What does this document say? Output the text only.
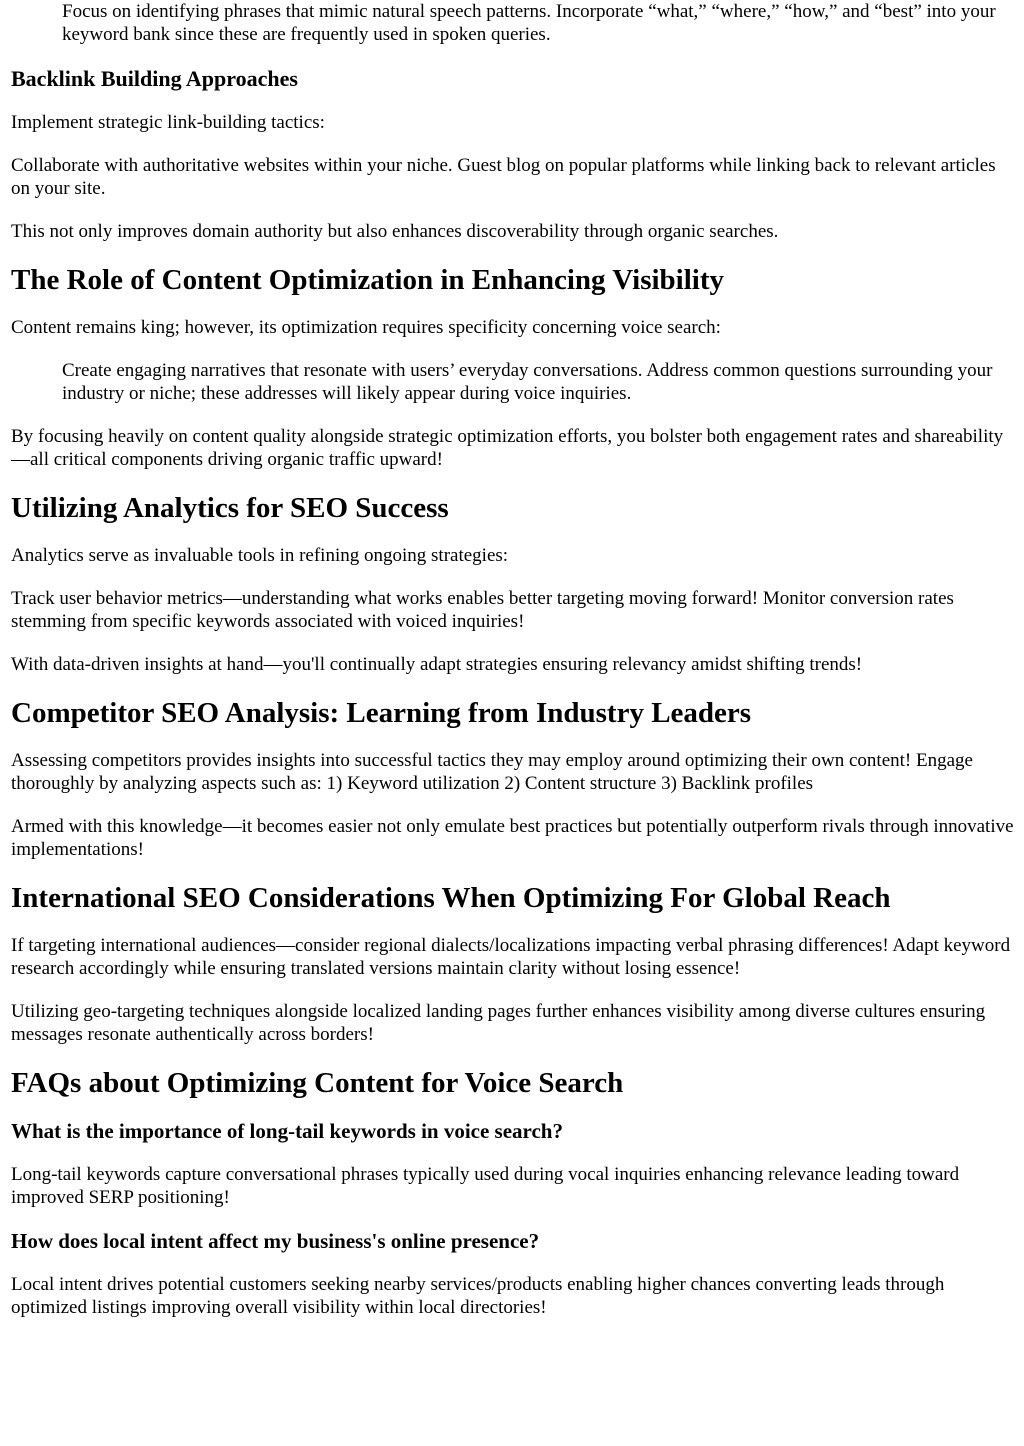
Focus on identifying phrases that mimic natural speech patterns. Incorporate “what,” “where,” “how,” and “best” into your keyword bank since these are frequently used in spoken queries.
Backlink Building Approaches

Implement strategic link-building tactics:

Collaborate with authoritative websites within your niche. Guest blog on popular platforms while linking back to relevant articles on your site.

This not only improves domain authority but also enhances discoverability through organic searches.

The Role of Content Optimization in Enhancing Visibility

Content remains king; however, its optimization requires specificity concerning voice search:

Create engaging narratives that resonate with users’ everyday conversations. Address common questions surrounding your industry or niche; these addresses will likely appear during voice inquiries.

By focusing heavily on content quality alongside strategic optimization efforts, you bolster both engagement rates and shareability—all critical components driving organic traffic upward!

Utilizing Analytics for SEO Success

Analytics serve as invaluable tools in refining ongoing strategies:

Track user behavior metrics—understanding what works enables better targeting moving forward! Monitor conversion rates stemming from specific keywords associated with voiced inquiries!

With data-driven insights at hand—you'll continually adapt strategies ensuring relevancy amidst shifting trends!

Competitor SEO Analysis: Learning from Industry Leaders

Assessing competitors provides insights into successful tactics they may employ around optimizing their own content! Engage thoroughly by analyzing aspects such as: 1) Keyword utilization 2) Content structure 3) Backlink profiles

Armed with this knowledge—it becomes easier not only emulate best practices but potentially outperform rivals through innovative implementations!

International SEO Considerations When Optimizing For Global Reach

If targeting international audiences—consider regional dialects/localizations impacting verbal phrasing differences! Adapt keyword research accordingly while ensuring translated versions maintain clarity without losing essence!

Utilizing geo-targeting techniques alongside localized landing pages further enhances visibility among diverse cultures ensuring messages resonate authentically across borders!

FAQs about Optimizing Content for Voice Search
What is the importance of long-tail keywords in voice search?

Long-tail keywords capture conversational phrases typically used during vocal inquiries enhancing relevance leading toward improved SERP positioning!

How does local intent affect my business's online presence?

Local intent drives potential customers seeking nearby services/products enabling higher chances converting leads through optimized listings improving overall visibility within local directories!
